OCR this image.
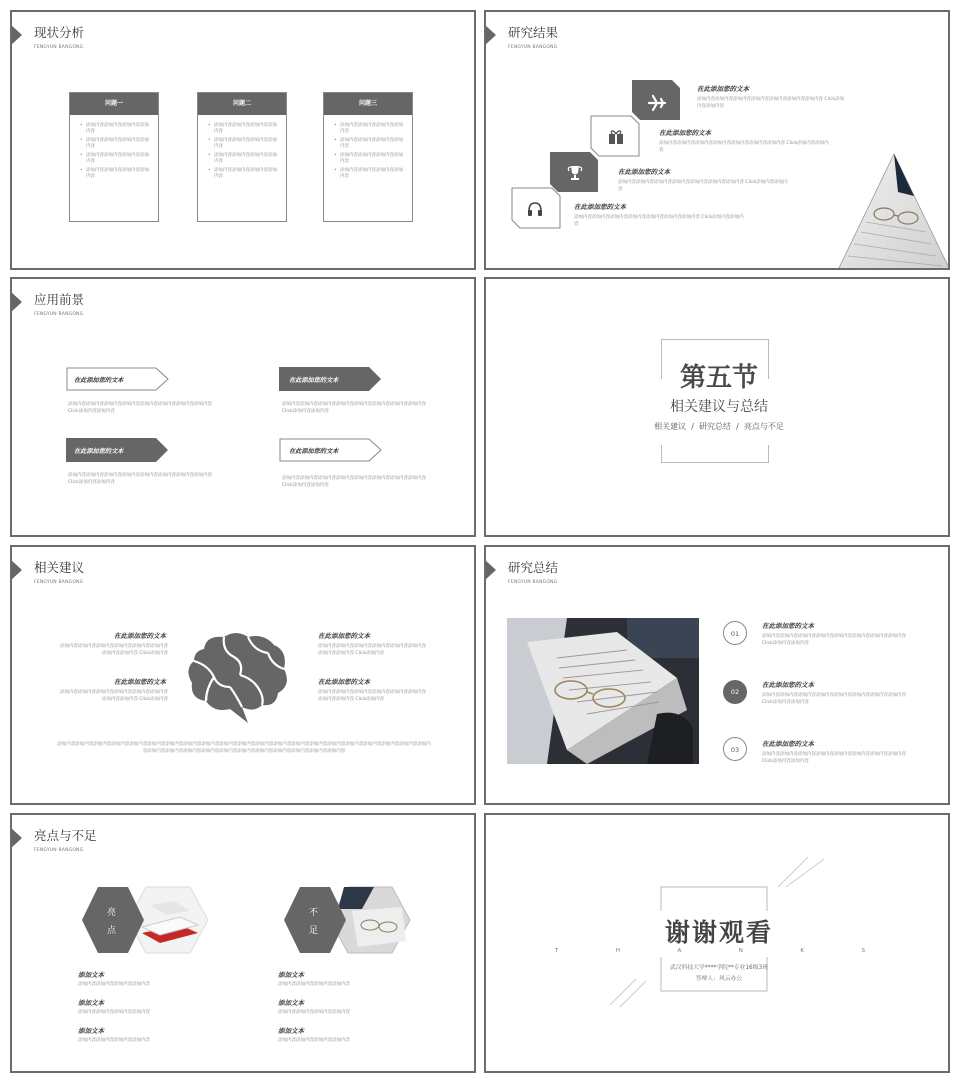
现状分析
FENGYUN BANGONG
问题一
• 添加内容添加内容添加内容添加内容
• 添加内容添加内容添加内容添加内容
• 添加内容添加内容添加内容添加内容
• 添加内容添加内容添加内容添加内容
问题二
• 添加内容添加内容添加内容添加内容
• 添加内容添加内容添加内容添加内容
• 添加内容添加内容添加内容添加内容
• 添加内容添加内容添加内容添加内容
问题三
• 添加内容添加内容添加内容添加内容
• 添加内容添加内容添加内容添加内容
• 添加内容添加内容添加内容添加内容
• 添加内容添加内容添加内容添加内容
研究结果
FENGYUN BANGONG
在此添加您的文本
添加内容添加内容添加内容添加内容添加内容添加内容添加内容 Click添加内容添加内容
在此添加您的文本
添加内容添加内容添加内容添加内容添加内容添加内容添加内容 Click添加内容添加内容
在此添加您的文本
添加内容添加内容添加内容添加内容添加内容添加内容添加内容 Click添加内容添加内容
在此添加您的文本
添加内容添加内容添加内容添加内容添加内容添加内容添加内容 Click添加内容添加内容
应用前景
FENGYUN BANGONG
在此添加您的文本
添加内容添加内容添加内容添加内容添加内容添加内容添加内容添加内容 Click添加内容添加内容
在此添加您的文本
添加内容添加内容添加内容添加内容添加内容添加内容添加内容添加内容 Click添加内容添加内容
在此添加您的文本
添加内容添加内容添加内容添加内容添加内容添加内容添加内容添加内容 Click添加内容添加内容
在此添加您的文本
添加内容添加内容添加内容添加内容添加内容添加内容添加内容添加内容 Click添加内容添加内容
第五节
相关建议与总结
相关建议  /  研究总结  /  亮点与不足
相关建议
FENGYUN BANGONG
在此添加您的文本
添加内容添加内容添加内容添加内容添加内容添加内容添加内容添加内容 Click添加内容
在此添加您的文本
添加内容添加内容添加内容添加内容添加内容添加内容添加内容添加内容 Click添加内容
在此添加您的文本
添加内容添加内容添加内容添加内容添加内容添加内容添加内容添加内容 Click添加内容
在此添加您的文本
添加内容添加内容添加内容添加内容添加内容添加内容添加内容添加内容 Click添加内容
添加内容添加内容添加内容添加内容添加内容添加内容添加内容添加内容添加内容添加内容添加内容添加内容添加内容添加内容添加内容添加内容添加内容添加内容添加内容添加内容添加内容添加内容添加内容添加内容添加内容添加内容添加内容添加内容添加内容添加内容添加内容添加内容
研究总结
FENGYUN BANGONG
01
在此添加您的文本
添加内容添加内容添加内容添加内容添加内容添加内容添加内容添加内容 Click添加内容添加内容
02
在此添加您的文本
添加内容添加内容添加内容添加内容添加内容添加内容添加内容添加内容 Click添加内容添加内容
03
在此添加您的文本
添加内容添加内容添加内容添加内容添加内容添加内容添加内容添加内容 Click添加内容添加内容
亮点与不足
FENGYUN BANGONG
亮
点
不
足
添加文本
添加内容添加内容添加内容添加内容
添加文本
添加内容添加内容添加内容添加内容
添加文本
添加内容添加内容添加内容添加内容
添加文本
添加内容添加内容添加内容添加内容
添加文本
添加内容添加内容添加内容添加内容
添加文本
添加内容添加内容添加内容添加内容
谢谢观看
T  H  A  N  K  S
武汉科技大学****学院**专业16级3班
答辩人：风云办公
